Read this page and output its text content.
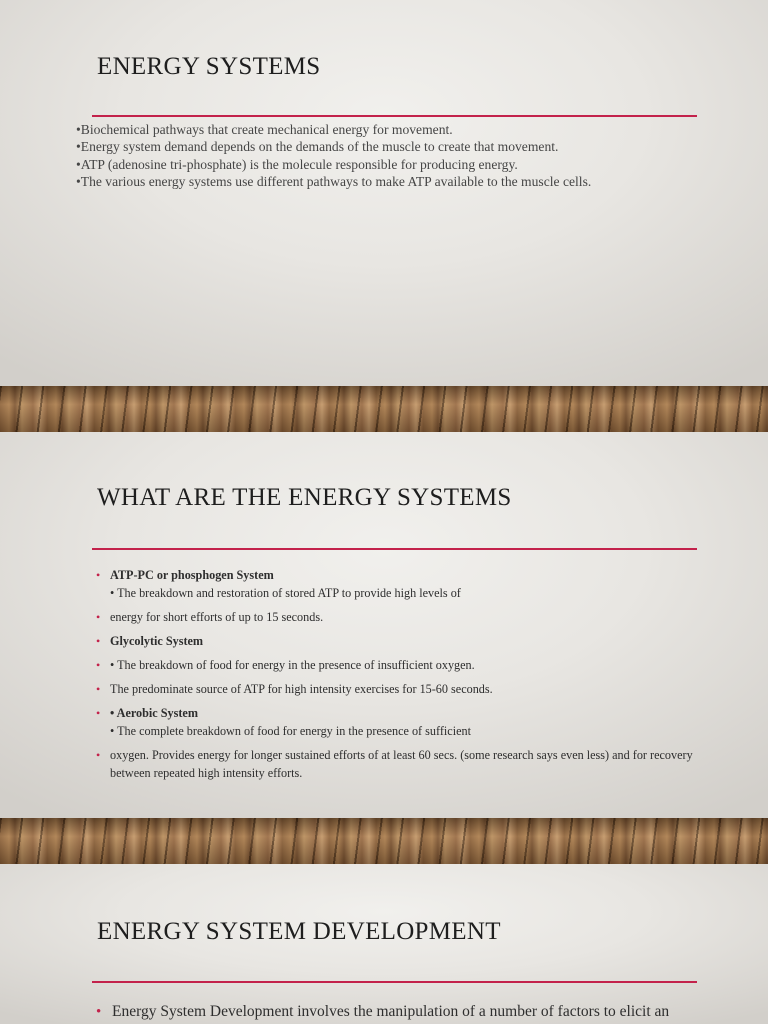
ENERGY SYSTEMS
•Biochemical pathways that create mechanical energy for movement.
•Energy system demand depends on the demands of the muscle to create that movement.
•ATP (adenosine tri-phosphate) is the molecule responsible for producing energy.
•The various energy systems use different pathways to make ATP available to the muscle cells.
WHAT ARE THE ENERGY SYSTEMS
• ATP-PC or phosphogen System
• The breakdown and restoration of stored ATP to provide high levels of
• energy for short efforts of up to 15 seconds.
• Glycolytic System
• • The breakdown of food for energy in the presence of insufficient oxygen.
• The predominate source of ATP for high intensity exercises for 15-60 seconds.
• • Aerobic System
• The complete breakdown of food for energy in the presence of sufficient
• oxygen. Provides energy for longer sustained efforts of at least 60 secs. (some research says even less) and for recovery between repeated high intensity efforts.
ENERGY SYSTEM DEVELOPMENT
• Energy System Development involves the manipulation of a number of factors to elicit an
